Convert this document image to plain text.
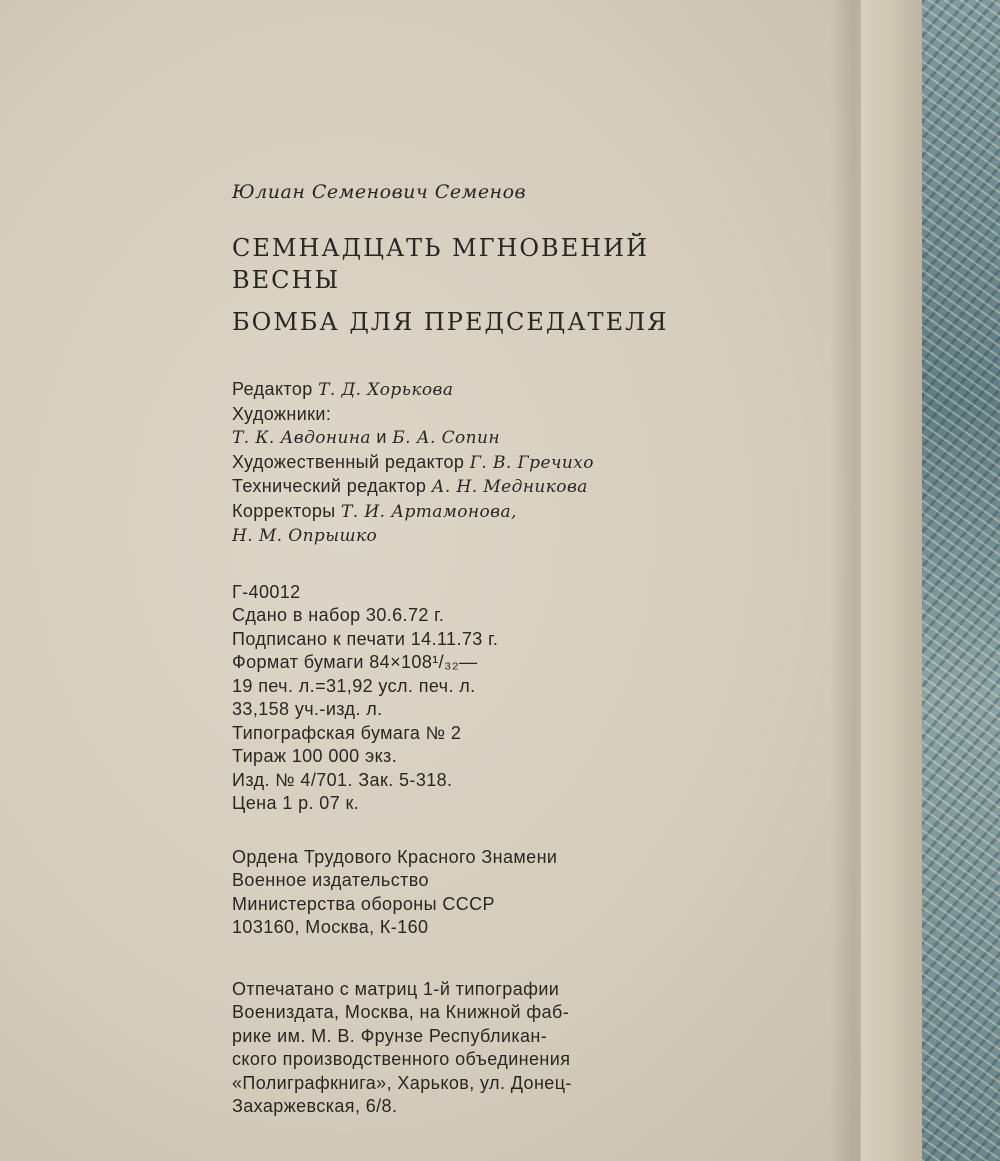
Юлиан Семенович Семенов
СЕМНАДЦАТЬ МГНОВЕНИЙ
ВЕСНЫ
БОМБА ДЛЯ ПРЕДСЕДАТЕЛЯ
Редактор Т. Д. Хорькова
Художники:
Т. К. Авдонина и Б. А. Сопин
Художественный редактор Г. В. Гречихо
Технический редактор А. Н. Медникова
Корректоры Т. И. Артамонова,
Н. М. Опрышко
Г-40012
Сдано в набор 30.6.72 г.
Подписано к печати 14.11.73 г.
Формат бумаги 84×108¹/₃₂—
19 печ. л.=31,92 усл. печ. л.
33,158 уч.-изд. л.
Типографская бумага № 2
Тираж 100 000 экз.
Изд. № 4/701. Зак. 5-318.
Цена 1 р. 07 к.
Ордена Трудового Красного Знамени
Военное издательство
Министерства обороны СССР
103160, Москва, К-160
Отпечатано с матриц 1-й типографии
Воениздата, Москва, на Книжной фаб-
рике им. М. В. Фрунзе Республикан-
ского производственного объединения
«Полиграфкнига», Харьков, ул. Донец-
Захаржевская, 6/8.
